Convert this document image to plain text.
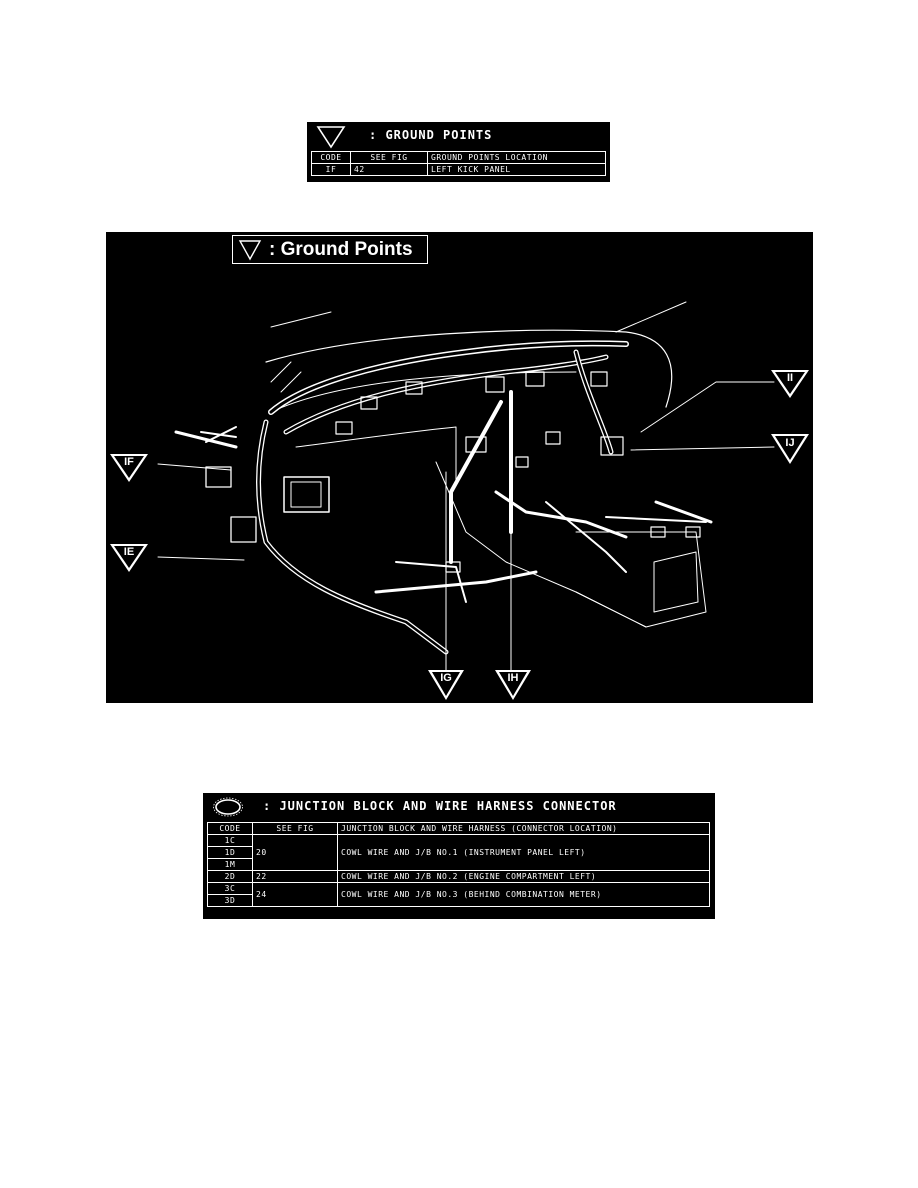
: GROUND POINTS
CODE	SEE FIG	GROUND POINTS LOCATION
IF	42	LEFT KICK PANEL
: Ground Points
IF
IE
IG	IH
II
IJ
: JUNCTION BLOCK AND WIRE HARNESS CONNECTOR
CODE	SEE FIG	JUNCTION BLOCK AND WIRE HARNESS (CONNECTOR LOCATION)
1C	20	COWL WIRE AND J/B NO.1 (INSTRUMENT PANEL LEFT)
1D		
1M		
2D	22	COWL WIRE AND J/B NO.2 (ENGINE COMPARTMENT LEFT)
3C	24	COWL WIRE AND J/B NO.3 (BEHIND COMBINATION METER)
3D		
